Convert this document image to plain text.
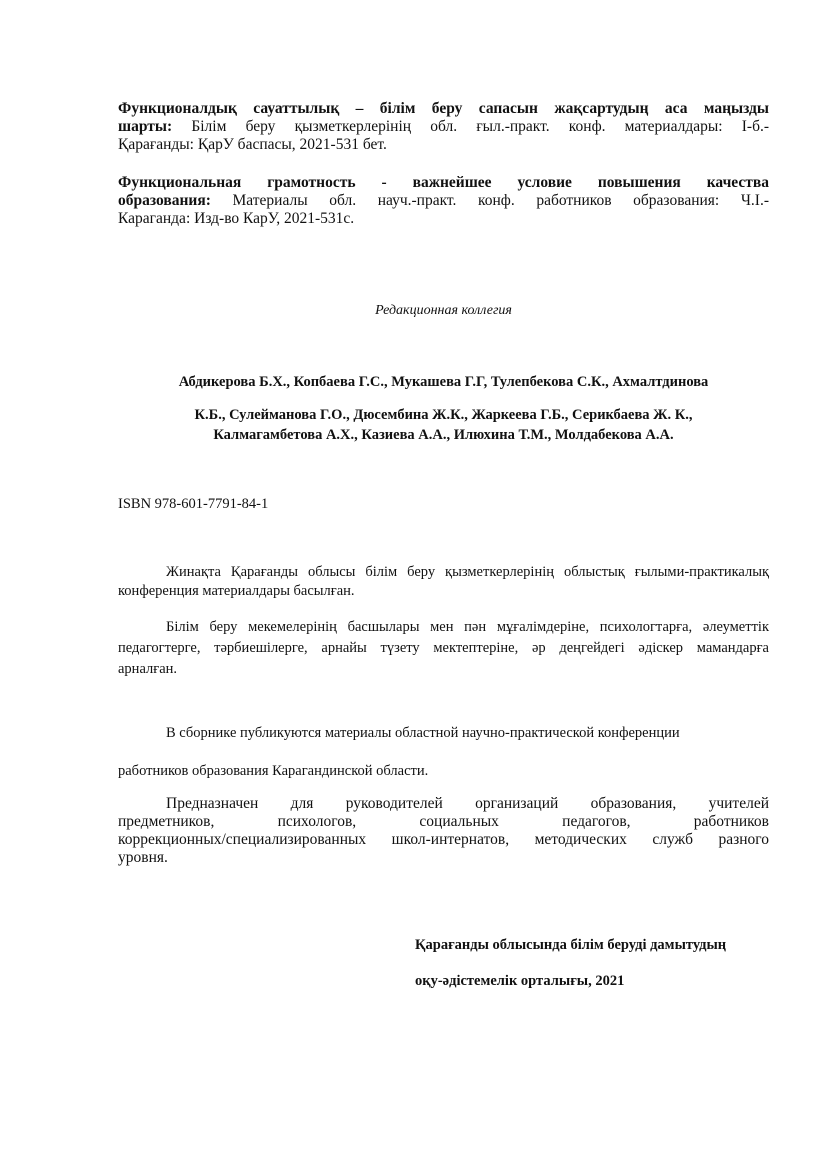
Функционалдық сауаттылық – білім беру сапасын жақсартудың аса маңызды
шарты: Білім беру қызметкерлерінің обл. ғыл.-практ. конф. материалдары: I-б.-
Қарағанды: ҚарУ баспасы, 2021-531 бет.
Функциональная грамотность - важнейшее условие повышения качества
образования: Материалы обл. науч.-практ. конф. работников образования: Ч.I.-
Караганда: Изд-во КарУ, 2021-531с.
Редакционная коллегия
Абдикерова Б.Х., Копбаева Г.С., Мукашева Г.Г, Тулепбекова С.К., Ахмалтдинова
К.Б., Сулейманова Г.О., Дюсембина Ж.К., Жаркеева Г.Б., Серикбаева Ж. К.,
Калмагамбетова А.Х., Казиева А.А., Илюхина Т.М., Молдабекова А.А.
ISBN 978-601-7791-84-1
Жинақта Қарағанды облысы білім беру қызметкерлерінің облыстық ғылыми-практикалық
конференция материалдары басылған.
Білім беру мекемелерінің басшылары мен пән мұғалімдеріне, психологтарға, әлеуметтік
педагогтерге, тәрбиешілерге, арнайы түзету мектептеріне, әр деңгейдегі әдіскер мамандарға
арналған.
В сборнике публикуются материалы областной научно-практической конференции
работников образования Карагандинской области.
Предназначен для руководителей организаций образования, учителей
предметников, психологов, социальных педагогов, работников
коррекционных/специализированных школ-интернатов, методических служб разного
уровня.
Қарағанды облысында білім беруді дамытудың
оқу-әдістемелік орталығы, 2021
